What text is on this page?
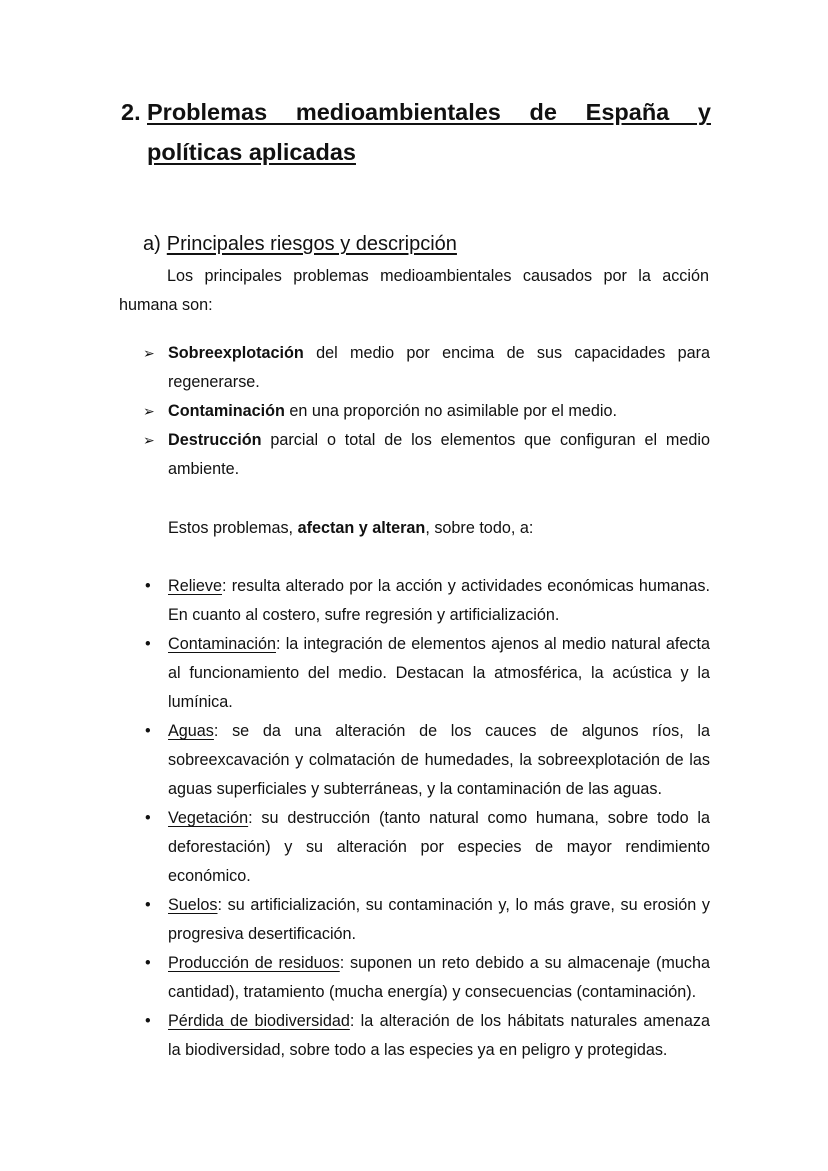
2. Problemas medioambientales de España y políticas aplicadas
a) Principales riesgos y descripción
Los principales problemas medioambientales causados por la acción humana son:
➢ Sobreexplotación del medio por encima de sus capacidades para regenerarse.
➢ Contaminación en una proporción no asimilable por el medio.
➢ Destrucción parcial o total de los elementos que configuran el medio ambiente.
Estos problemas, afectan y alteran, sobre todo, a:
• Relieve: resulta alterado por la acción y actividades económicas humanas. En cuanto al costero, sufre regresión y artificialización.
• Contaminación: la integración de elementos ajenos al medio natural afecta al funcionamiento del medio. Destacan la atmosférica, la acústica y la lumínica.
• Aguas: se da una alteración de los cauces de algunos ríos, la sobreexcavación y colmatación de humedades, la sobreexplotación de las aguas superficiales y subterráneas, y la contaminación de las aguas.
• Vegetación: su destrucción (tanto natural como humana, sobre todo la deforestación) y su alteración por especies de mayor rendimiento económico.
• Suelos: su artificialización, su contaminación y, lo más grave, su erosión y progresiva desertificación.
• Producción de residuos: suponen un reto debido a su almacenaje (mucha cantidad), tratamiento (mucha energía) y consecuencias (contaminación).
• Pérdida de biodiversidad: la alteración de los hábitats naturales amenaza la biodiversidad, sobre todo a las especies ya en peligro y protegidas.
